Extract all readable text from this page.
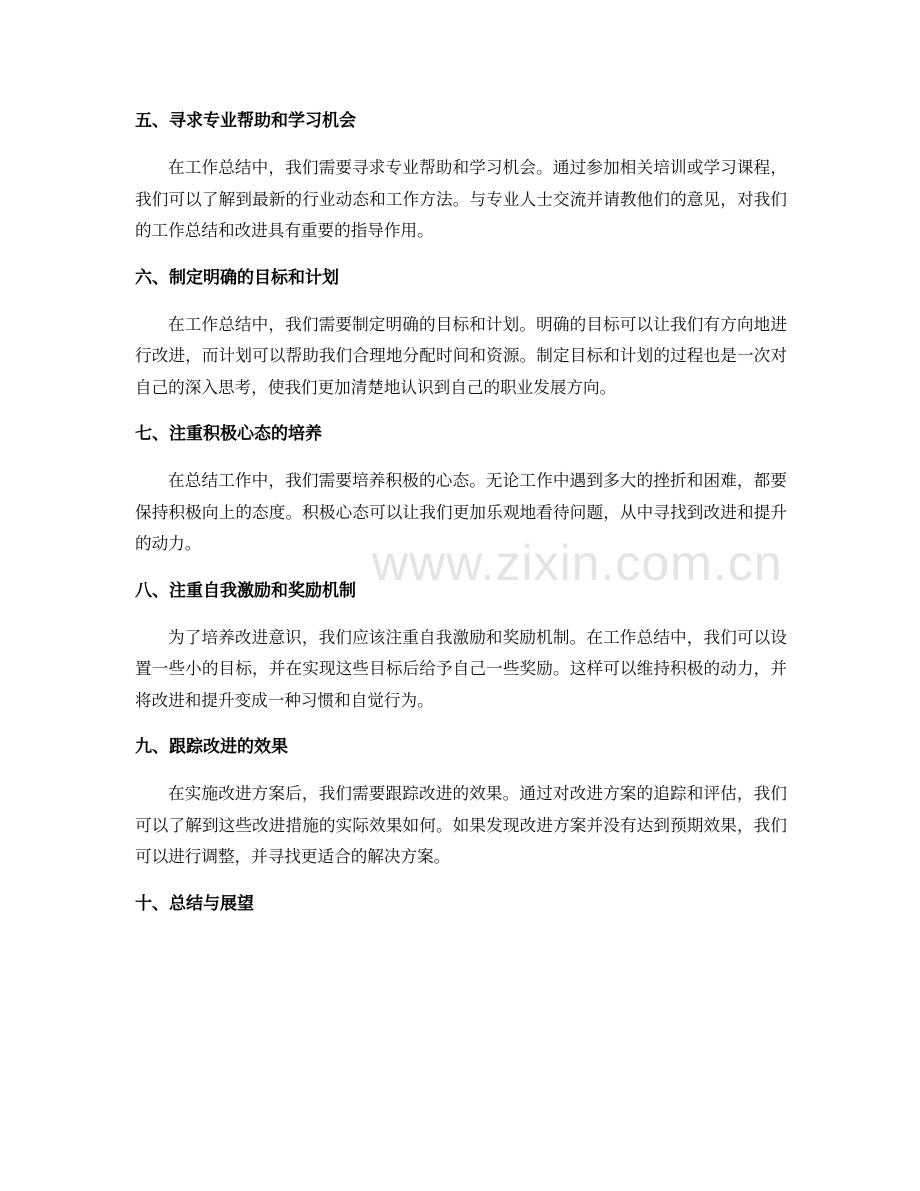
五、寻求专业帮助和学习机会

在工作总结中，我们需要寻求专业帮助和学习机会。通过参加相关培训或学习课程，我们可以了解到最新的行业动态和工作方法。与专业人士交流并请教他们的意见，对我们的工作总结和改进具有重要的指导作用。

六、制定明确的目标和计划

在工作总结中，我们需要制定明确的目标和计划。明确的目标可以让我们有方向地进行改进，而计划可以帮助我们合理地分配时间和资源。制定目标和计划的过程也是一次对自己的深入思考，使我们更加清楚地认识到自己的职业发展方向。

七、注重积极心态的培养

在总结工作中，我们需要培养积极的心态。无论工作中遇到多大的挫折和困难，都要保持积极向上的态度。积极心态可以让我们更加乐观地看待问题，从中寻找到改进和提升的动力。

八、注重自我激励和奖励机制

为了培养改进意识，我们应该注重自我激励和奖励机制。在工作总结中，我们可以设置一些小的目标，并在实现这些目标后给予自己一些奖励。这样可以维持积极的动力，并将改进和提升变成一种习惯和自觉行为。

九、跟踪改进的效果

在实施改进方案后，我们需要跟踪改进的效果。通过对改进方案的追踪和评估，我们可以了解到这些改进措施的实际效果如何。如果发现改进方案并没有达到预期效果，我们可以进行调整，并寻找更适合的解决方案。

十、总结与展望
www.zixin.com.cn
